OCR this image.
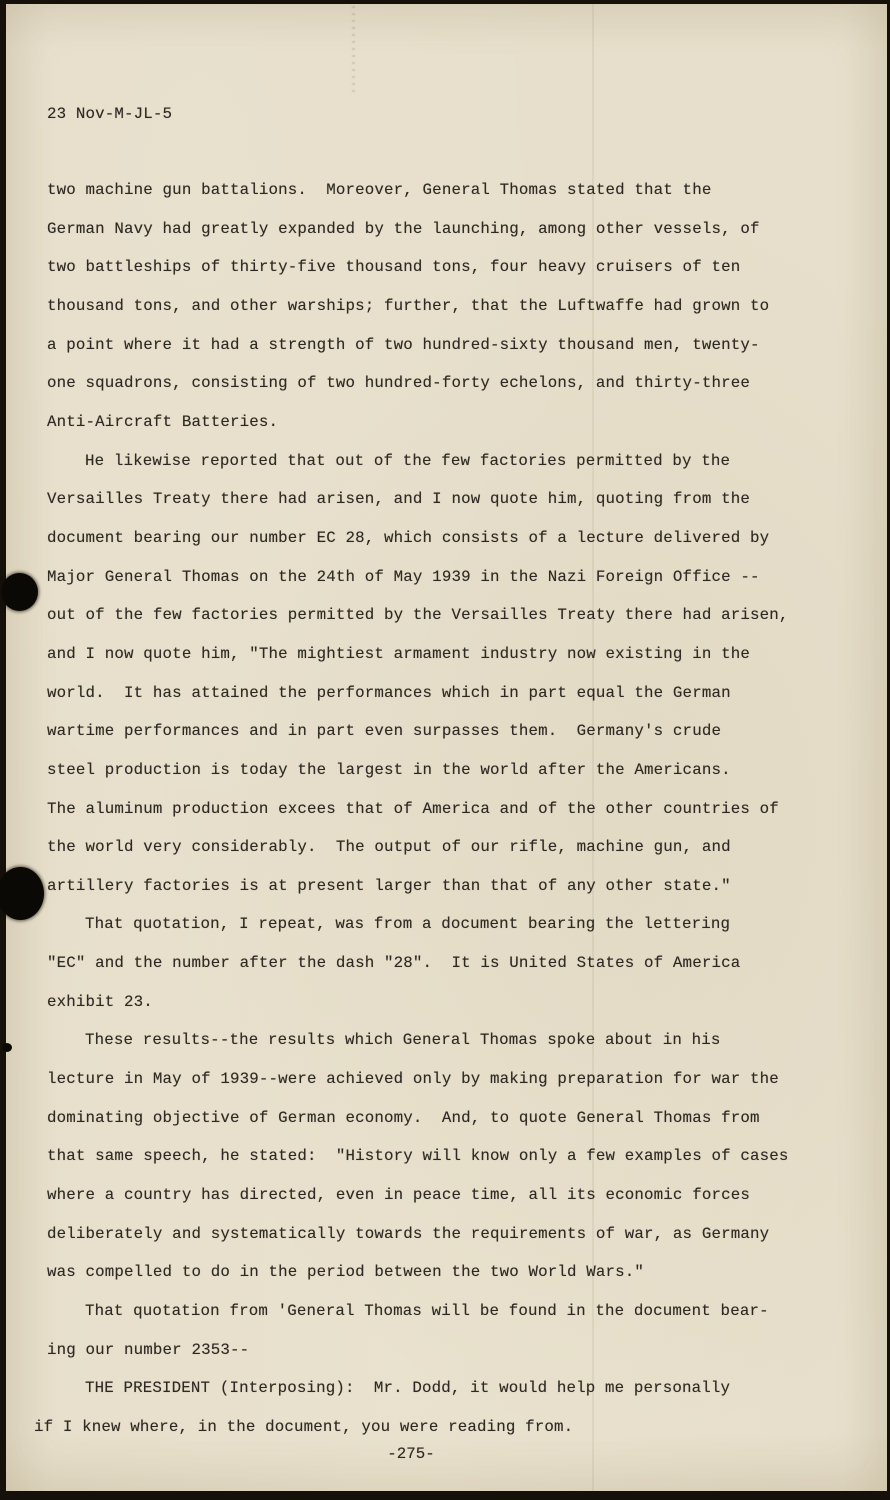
23 Nov-M-JL-5
two machine gun battalions.  Moreover, General Thomas stated that the
German Navy had greatly expanded by the launching, among other vessels, of
two battleships of thirty-five thousand tons, four heavy cruisers of ten
thousand tons, and other warships; further, that the Luftwaffe had grown to
a point where it had a strength of two hundred-sixty thousand men, twenty-
one squadrons, consisting of two hundred-forty echelons, and thirty-three
Anti-Aircraft Batteries.
He likewise reported that out of the few factories permitted by the
Versailles Treaty there had arisen, and I now quote him, quoting from the
document bearing our number EC 28, which consists of a lecture delivered by
Major General Thomas on the 24th of May 1939 in the Nazi Foreign Office --
out of the few factories permitted by the Versailles Treaty there had arisen,
and I now quote him, "The mightiest armament industry now existing in the
world.  It has attained the performances which in part equal the German
wartime performances and in part even surpasses them.  Germany's crude
steel production is today the largest in the world after the Americans.
The aluminum production excees that of America and of the other countries of
the world very considerably.  The output of our rifle, machine gun, and
artillery factories is at present larger than that of any other state."
That quotation, I repeat, was from a document bearing the lettering
"EC" and the number after the dash "28".  It is United States of America
exhibit 23.
These results--the results which General Thomas spoke about in his
lecture in May of 1939--were achieved only by making preparation for war the
dominating objective of German economy.  And, to quote General Thomas from
that same speech, he stated:  "History will know only a few examples of cases
where a country has directed, even in peace time, all its economic forces
deliberately and systematically towards the requirements of war, as Germany
was compelled to do in the period between the two World Wars."
That quotation from 'General Thomas will be found in the document bear-
ing our number 2353--
THE PRESIDENT (Interposing):  Mr. Dodd, it would help me personally
if I knew where, in the document, you were reading from.
-275-
